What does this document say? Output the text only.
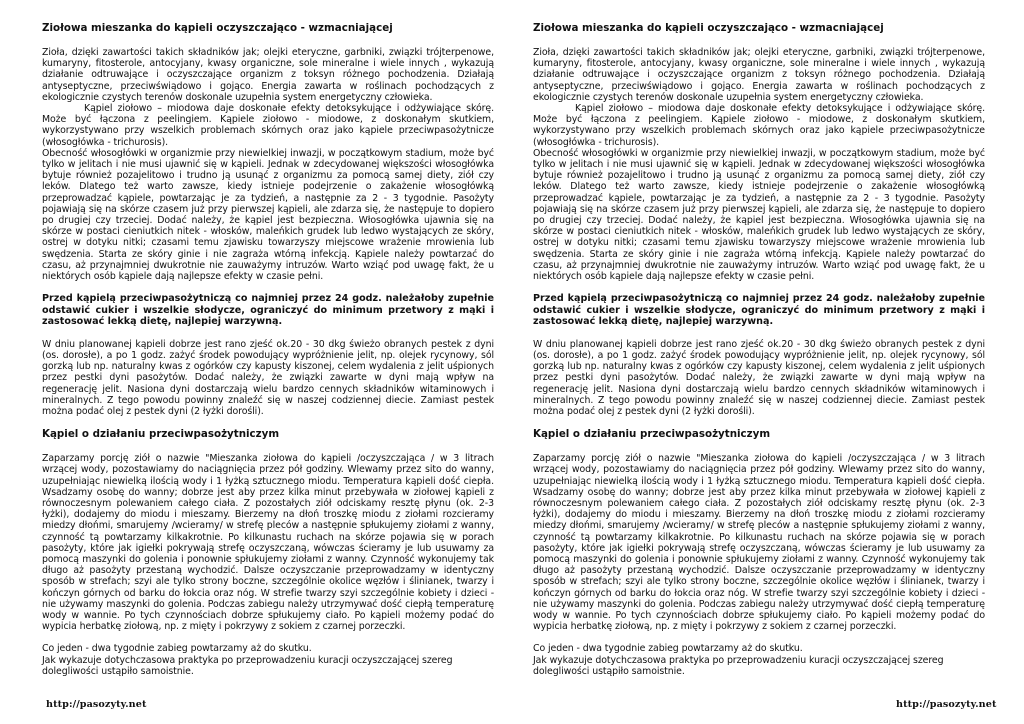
Ziołowa mieszanka do kąpieli oczyszczająco - wzmacniającej

Zioła, dzięki zawartości takich składników jak; olejki eteryczne, garbniki, związki trójterpenowe, kumaryny, fitosterole, antocyjany, kwasy organiczne, sole mineralne i wiele innych , wykazują działanie odtruwające i oczyszczające organizm z toksyn różnego pochodzenia. Działają antyseptyczne, przeciwświądowo i gojąco. Energia zawarta w roślinach pochodzących z ekologicznie czystych terenów doskonale uzupełnia system energetyczny człowieka.

Kąpiel ziołowo – miodowa daje doskonałe efekty detoksykujące i odżywiające skórę. Może być łączona z peelingiem. Kąpiele ziołowo - miodowe, z doskonałym skutkiem, wykorzystywano przy wszelkich problemach skórnych oraz jako kąpiele przeciwpasożytnicze (włosogłówka - trichurosis).

Obecność włosogłówki w organizmie przy niewielkiej inwazji, w początkowym stadium, może być tylko w jelitach i nie musi ujawnić się w kąpieli. Jednak w zdecydowanej większości włosogłówka bytuje również pozajelitowo i trudno ją usunąć z organizmu za pomocą samej diety, ziół czy leków. Dlatego też warto zawsze, kiedy istnieje podejrzenie o zakażenie włosogłówką przeprowadzać kąpiele, powtarzając je za tydzień, a następnie za 2 - 3 tygodnie. Pasożyty pojawiają się na skórze czasem już przy pierwszej kąpieli, ale zdarza się, że następuje to dopiero po drugiej czy trzeciej. Dodać należy, że kąpiel jest bezpieczna. Włosogłówka ujawnia się na skórze w postaci cieniutkich nitek - włosków, maleńkich grudek lub ledwo wystających ze skóry, ostrej w dotyku nitki; czasami temu zjawisku towarzyszy miejscowe wrażenie mrowienia lub swędzenia. Starta ze skóry ginie i nie zagraża wtórną infekcją. Kąpiele należy powtarzać do czasu, aż przynajmniej dwukrotnie nie zauważymy intruzów. Warto wziąć pod uwagę fakt, że u niektórych osób kąpiele dają najlepsze efekty w czasie pełni.

Przed kąpielą przeciwpasożytniczą co najmniej przez 24 godz. należałoby zupełnie odstawić cukier i wszelkie słodycze, ograniczyć do minimum przetwory z mąki i zastosować lekką dietę, najlepiej warzywną.

W dniu planowanej kąpieli dobrze jest rano zjeść ok.20 - 30 dkg świeżo obranych pestek z dyni (os. dorosłe), a po 1 godz. zażyć środek powodujący wypróżnienie jelit, np. olejek rycynowy, sól gorzką lub np. naturalny kwas z ogórków czy kapusty kiszonej, celem wydalenia z jelit uśpionych przez pestki dyni pasożytów. Dodać należy, że związki zawarte w dyni mają wpływ na regenerację jelit. Nasiona dyni dostarczają wielu bardzo cennych składników witaminowych i mineralnych. Z tego powodu powinny znaleźć się w naszej codziennej diecie. Zamiast pestek można podać olej z pestek dyni (2 łyżki dorośli).

Kąpiel o działaniu przeciwpasożytniczym

Zaparzamy porcję ziół o nazwie "Mieszanka ziołowa do kąpieli /oczyszczająca / w 3 litrach wrzącej wody, pozostawiamy do naciągnięcia przez pół godziny. Wlewamy przez sito do wanny, uzupełniając niewielką ilością wody i 1 łyżką sztucznego miodu. Temperatura kąpieli dość ciepła. Wsadzamy osobę do wanny; dobrze jest aby przez kilka minut przebywała w ziołowej kąpieli z równoczesnym polewaniem całego ciała. Z pozostałych ziół odciskamy resztę płynu (ok. 2-3 łyżki), dodajemy do miodu i mieszamy. Bierzemy na dłoń troszkę miodu z ziołami rozcieramy miedzy dłońmi, smarujemy /wcieramy/ w strefę pleców a następnie spłukujemy ziołami z wanny, czynność tą powtarzamy kilkakrotnie. Po kilkunastu ruchach na skórze pojawia się w porach pasożyty, które jak igiełki pokrywają strefę oczyszczaną, wówczas ścieramy je lub usuwamy za pomocą maszynki do golenia i ponownie spłukujemy ziołami z wanny. Czynność wykonujemy tak długo aż pasożyty przestaną wychodzić. Dalsze oczyszczanie przeprowadzamy w identyczny sposób w strefach; szyi ale tylko strony boczne, szczególnie okolice węzłów i ślinianek, twarzy i kończyn górnych od barku do łokcia oraz nóg. W strefie twarzy szyi szczególnie kobiety i dzieci - nie używamy maszynki do golenia. Podczas zabiegu należy utrzymywać dość ciepłą temperaturę wody w wannie. Po tych czynnościach dobrze spłukujemy ciało. Po kąpieli możemy podać do wypicia herbatkę ziołową, np. z mięty i pokrzywy z sokiem z czarnej porzeczki.

Co jeden - dwa tygodnie zabieg powtarzamy aż do skutku.

Jak wykazuje dotychczasowa praktyka po przeprowadzeniu kuracji oczyszczającej szereg dolegliwości ustąpiło samoistnie.

Ziołowa mieszanka do kąpieli oczyszczająco - wzmacniającej

Zioła, dzięki zawartości takich składników jak; olejki eteryczne, garbniki, związki trójterpenowe, kumaryny, fitosterole, antocyjany, kwasy organiczne, sole mineralne i wiele innych , wykazują działanie odtruwające i oczyszczające organizm z toksyn różnego pochodzenia. Działają antyseptyczne, przeciwświądowo i gojąco. Energia zawarta w roślinach pochodzących z ekologicznie czystych terenów doskonale uzupełnia system energetyczny człowieka.

Kąpiel ziołowo – miodowa daje doskonałe efekty detoksykujące i odżywiające skórę. Może być łączona z peelingiem. Kąpiele ziołowo - miodowe, z doskonałym skutkiem, wykorzystywano przy wszelkich problemach skórnych oraz jako kąpiele przeciwpasożytnicze (włosogłówka - trichurosis).

Obecność włosogłówki w organizmie przy niewielkiej inwazji, w początkowym stadium, może być tylko w jelitach i nie musi ujawnić się w kąpieli. Jednak w zdecydowanej większości włosogłówka bytuje również pozajelitowo i trudno ją usunąć z organizmu za pomocą samej diety, ziół czy leków. Dlatego też warto zawsze, kiedy istnieje podejrzenie o zakażenie włosogłówką przeprowadzać kąpiele, powtarzając je za tydzień, a następnie za 2 - 3 tygodnie. Pasożyty pojawiają się na skórze czasem już przy pierwszej kąpieli, ale zdarza się, że następuje to dopiero po drugiej czy trzeciej. Dodać należy, że kąpiel jest bezpieczna. Włosogłówka ujawnia się na skórze w postaci cieniutkich nitek - włosków, maleńkich grudek lub ledwo wystających ze skóry, ostrej w dotyku nitki; czasami temu zjawisku towarzyszy miejscowe wrażenie mrowienia lub swędzenia. Starta ze skóry ginie i nie zagraża wtórną infekcją. Kąpiele należy powtarzać do czasu, aż przynajmniej dwukrotnie nie zauważymy intruzów. Warto wziąć pod uwagę fakt, że u niektórych osób kąpiele dają najlepsze efekty w czasie pełni.

Przed kąpielą przeciwpasożytniczą co najmniej przez 24 godz. należałoby zupełnie odstawić cukier i wszelkie słodycze, ograniczyć do minimum przetwory z mąki i zastosować lekką dietę, najlepiej warzywną.

W dniu planowanej kąpieli dobrze jest rano zjeść ok.20 - 30 dkg świeżo obranych pestek z dyni (os. dorosłe), a po 1 godz. zażyć środek powodujący wypróżnienie jelit, np. olejek rycynowy, sól gorzką lub np. naturalny kwas z ogórków czy kapusty kiszonej, celem wydalenia z jelit uśpionych przez pestki dyni pasożytów. Dodać należy, że związki zawarte w dyni mają wpływ na regenerację jelit. Nasiona dyni dostarczają wielu bardzo cennych składników witaminowych i mineralnych. Z tego powodu powinny znaleźć się w naszej codziennej diecie. Zamiast pestek można podać olej z pestek dyni (2 łyżki dorośli).

Kąpiel o działaniu przeciwpasożytniczym

Zaparzamy porcję ziół o nazwie "Mieszanka ziołowa do kąpieli /oczyszczająca / w 3 litrach wrzącej wody, pozostawiamy do naciągnięcia przez pół godziny. Wlewamy przez sito do wanny, uzupełniając niewielką ilością wody i 1 łyżką sztucznego miodu. Temperatura kąpieli dość ciepła. Wsadzamy osobę do wanny; dobrze jest aby przez kilka minut przebywała w ziołowej kąpieli z równoczesnym polewaniem całego ciała. Z pozostałych ziół odciskamy resztę płynu (ok. 2-3 łyżki), dodajemy do miodu i mieszamy. Bierzemy na dłoń troszkę miodu z ziołami rozcieramy miedzy dłońmi, smarujemy /wcieramy/ w strefę pleców a następnie spłukujemy ziołami z wanny, czynność tą powtarzamy kilkakrotnie. Po kilkunastu ruchach na skórze pojawia się w porach pasożyty, które jak igiełki pokrywają strefę oczyszczaną, wówczas ścieramy je lub usuwamy za pomocą maszynki do golenia i ponownie spłukujemy ziołami z wanny. Czynność wykonujemy tak długo aż pasożyty przestaną wychodzić. Dalsze oczyszczanie przeprowadzamy w identyczny sposób w strefach; szyi ale tylko strony boczne, szczególnie okolice węzłów i ślinianek, twarzy i kończyn górnych od barku do łokcia oraz nóg. W strefie twarzy szyi szczególnie kobiety i dzieci - nie używamy maszynki do golenia. Podczas zabiegu należy utrzymywać dość ciepłą temperaturę wody w wannie. Po tych czynnościach dobrze spłukujemy ciało. Po kąpieli możemy podać do wypicia herbatkę ziołową, np. z mięty i pokrzywy z sokiem z czarnej porzeczki.

Co jeden - dwa tygodnie zabieg powtarzamy aż do skutku.

Jak wykazuje dotychczasowa praktyka po przeprowadzeniu kuracji oczyszczającej szereg dolegliwości ustąpiło samoistnie.

http://pasozyty.net	http://pasozyty.net
